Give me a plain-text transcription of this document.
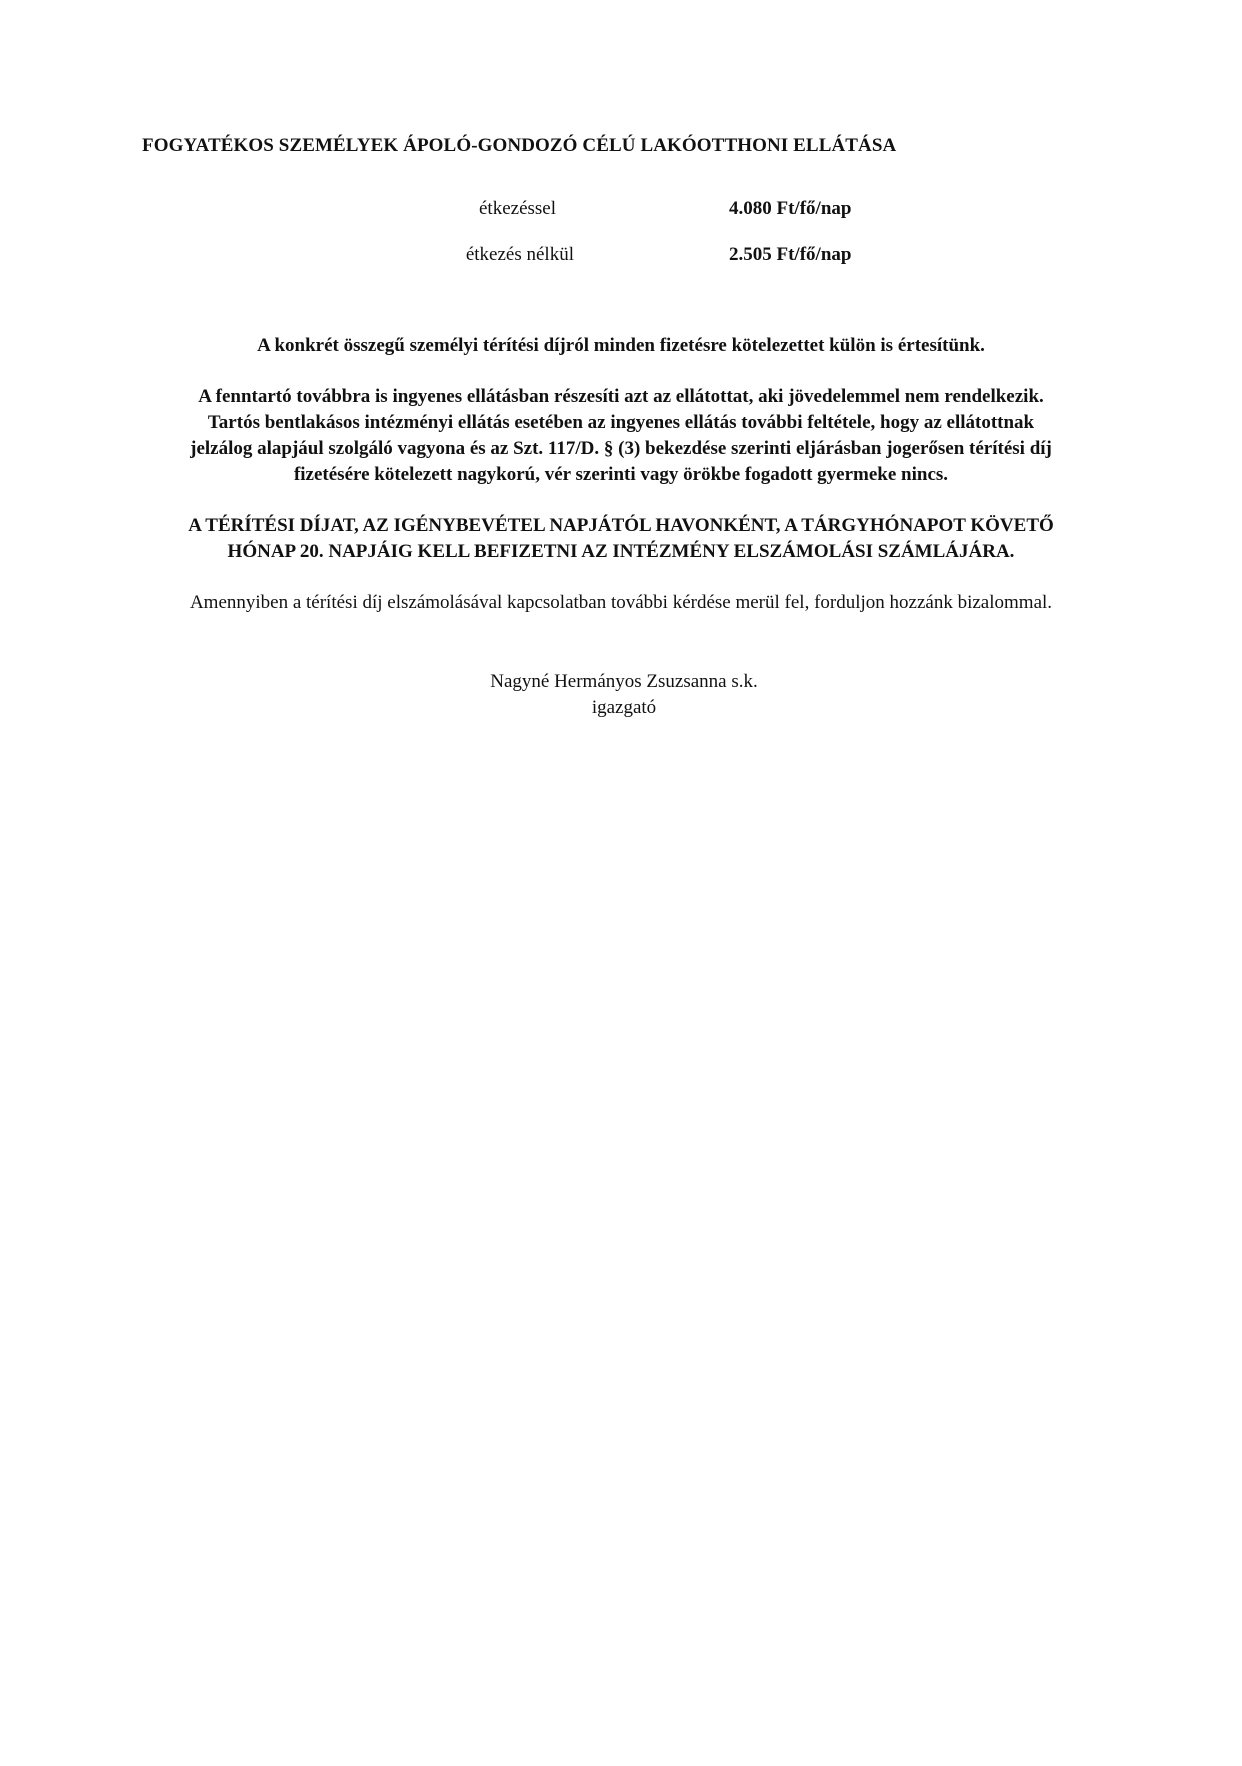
FOGYATÉKOS SZEMÉLYEK ÁPOLÓ-GONDOZÓ CÉLÚ LAKÓOTTHONI ELLÁTÁSA
étkezéssel	4.080 Ft/fő/nap
étkezés nélkül	2.505 Ft/fő/nap
A konkrét összegű személyi térítési díjról minden fizetésre kötelezettet külön is értesítünk.
A fenntartó továbbra is ingyenes ellátásban részesíti azt az ellátottat, aki jövedelemmel nem rendelkezik.
Tartós bentlakásos intézményi ellátás esetében az ingyenes ellátás további feltétele, hogy az ellátottnak
jelzálog alapjául szolgáló vagyona és az Szt. 117/D. § (3) bekezdése szerinti eljárásban jogerősen térítési díj
fizetésére kötelezett nagykorú, vér szerinti vagy örökbe fogadott gyermeke nincs.
A TÉRÍTÉSI DÍJAT, AZ IGÉNYBEVÉTEL NAPJÁTÓL HAVONKÉNT, A TÁRGYHÓNAPOT KÖVETŐ
HÓNAP 20. NAPJÁIG KELL BEFIZETNI AZ INTÉZMÉNY ELSZÁMOLÁSI SZÁMLÁJÁRA.
Amennyiben a térítési díj elszámolásával kapcsolatban további kérdése merül fel, forduljon hozzánk bizalommal.
Nagyné Hermányos Zsuzsanna s.k.
igazgató
